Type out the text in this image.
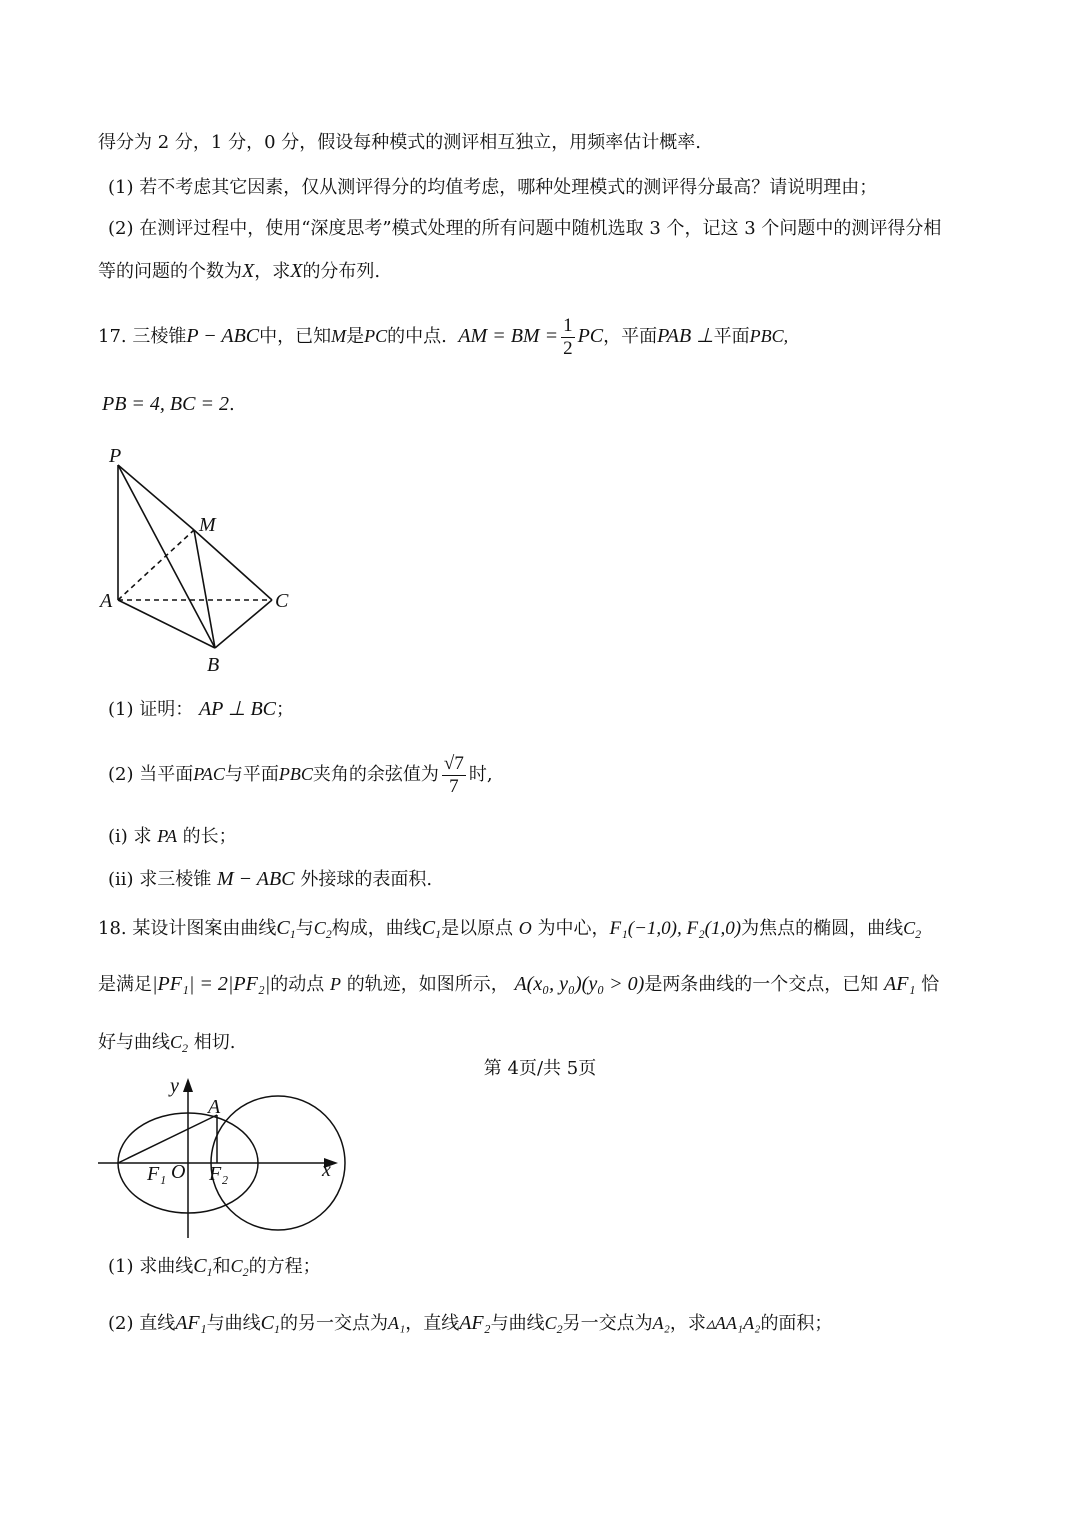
得分为 2 分，1 分，0 分，假设每种模式的测评相互独立，用频率估计概率.
(1) 若不考虑其它因素，仅从测评得分的均值考虑，哪种处理模式的测评得分最高？请说明理由；
(2) 在测评过程中，使用“深度思考”模式处理的所有问题中随机选取 3 个，记这 3 个问题中的测评得分相
等的问题的个数为X，求X的分布列.
17. 三棱锥P − ABC中，已知M是PC的中点. AM = BM = $\frac{1}{2}$ PC，平面PAB ⊥平面PBC,
PB = 4, BC = 2.
P
M
A	C
B
(1) 证明： AP ⊥ BC；
(2) 当平面PAC与平面PBC夹角的余弦值为 $\frac{√7}{7}$ 时,
(i) 求 PA 的长；
(ii) 求三棱锥 M − ABC 外接球的表面积.
18. 某设计图案由曲线$C_1$与$C_2$构成，曲线$C_1$是以原点 O 为中心，F₁(−1,0), F₂(1,0)为焦点的椭圆，曲线$C_2$
是满足|PF₁| = 2|PF₂|的动点 P 的轨迹，如图所示， A(x₀, y₀)(y₀ > 0)是两条曲线的一个交点，已知 AF₁ 恰
好与曲线$C_2$ 相切.
y
x
A
F₁ O F₂
(1) 求曲线$C_1$和$C_2$的方程；
(2) 直线AF₁与曲线$C_1$的另一交点为A₁，直线AF₂与曲线$C_2$另一交点为A₂，求▵AA₁A₂的面积；
第 4页/共 5页
